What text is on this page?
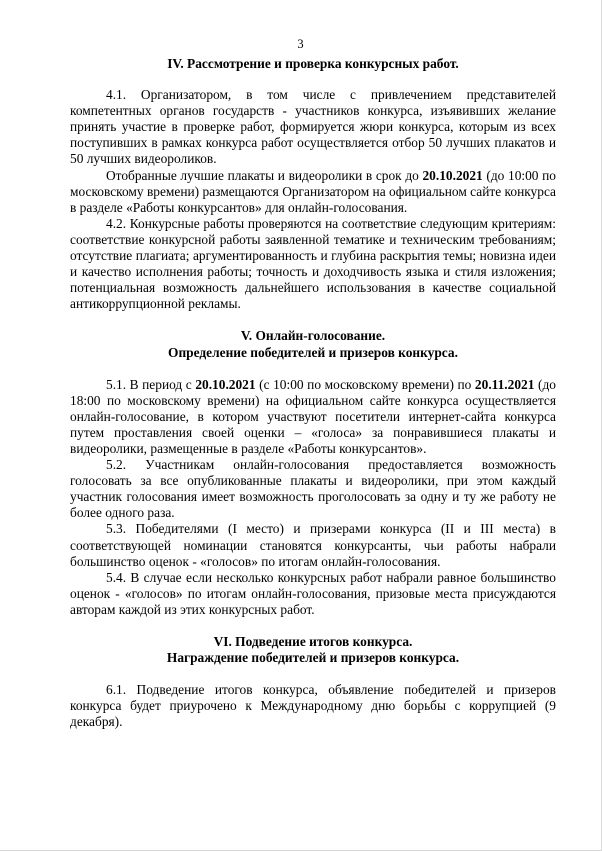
3

IV. Рассмотрение и проверка конкурсных работ.

4.1. Организатором, в том числе с привлечением представителей компетентных органов государств - участников конкурса, изъявивших желание принять участие в проверке работ, формируется жюри конкурса, которым из всех поступивших в рамках конкурса работ осуществляется отбор 50 лучших плакатов и 50 лучших видеороликов.

Отобранные лучшие плакаты и видеоролики в срок до 20.10.2021 (до 10:00 по московскому времени) размещаются Организатором на официальном сайте конкурса в разделе «Работы конкурсантов» для онлайн-голосования.

4.2. Конкурсные работы проверяются на соответствие следующим критериям: соответствие конкурсной работы заявленной тематике и техническим требованиям; отсутствие плагиата; аргументированность и глубина раскрытия темы; новизна идеи и качество исполнения работы; точность и доходчивость языка и стиля изложения; потенциальная возможность дальнейшего использования в качестве социальной антикоррупционной рекламы.

V. Онлайн-голосование.

Определение победителей и призеров конкурса.

5.1. В период с 20.10.2021 (с 10:00 по московскому времени) по 20.11.2021 (до 18:00 по московскому времени) на официальном сайте конкурса осуществляется онлайн-голосование, в котором участвуют посетители интернет-сайта конкурса путем проставления своей оценки – «голоса» за понравившиеся плакаты и видеоролики, размещенные в разделе «Работы конкурсантов».

5.2. Участникам онлайн-голосования предоставляется возможность голосовать за все опубликованные плакаты и видеоролики, при этом каждый участник голосования имеет возможность проголосовать за одну и ту же работу не более одного раза.

5.3. Победителями (I место) и призерами конкурса (II и III места) в соответствующей номинации становятся конкурсанты, чьи работы набрали большинство оценок - «голосов» по итогам онлайн-голосования.

5.4. В случае если несколько конкурсных работ набрали равное большинство оценок - «голосов» по итогам онлайн-голосования, призовые места присуждаются авторам каждой из этих конкурсных работ.

VI. Подведение итогов конкурса.

Награждение победителей и призеров конкурса.

6.1. Подведение итогов конкурса, объявление победителей и призеров конкурса будет приурочено к Международному дню борьбы с коррупцией (9 декабря).
